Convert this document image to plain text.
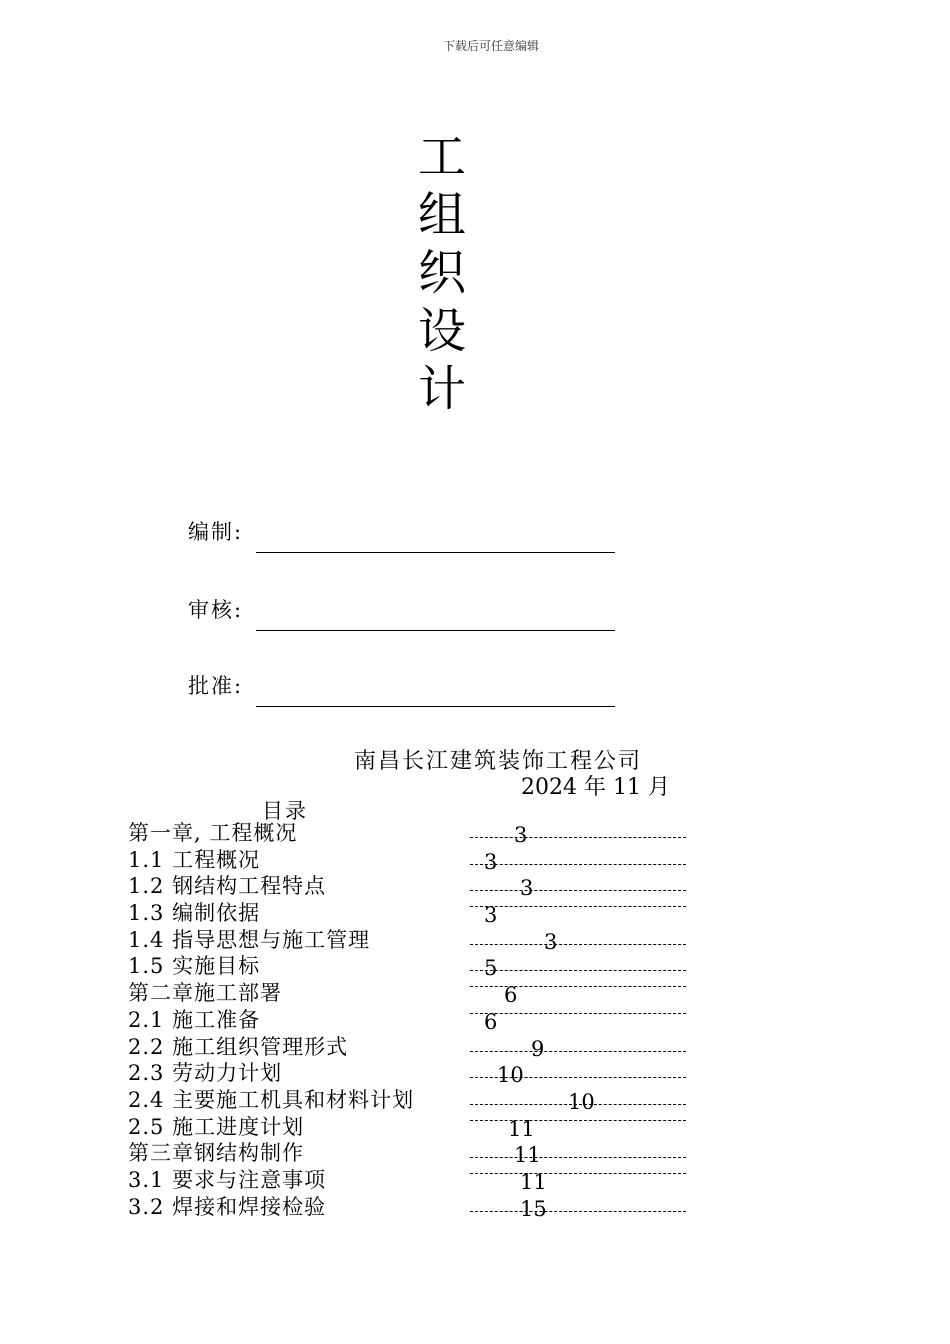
下载后可任意编辑
工
组
织
设
计
编制:
审核:
批准:
南昌长江建筑装饰工程公司
2024 年 11 月
目录
第一章, 工程概况	3
1.1 工程概况	3
1.2 钢结构工程特点	3
1.3 编制依据	3
1.4 指导思想与施工管理	3
1.5 实施目标	5
第二章施工部署	6
2.1 施工准备	6
2.2 施工组织管理形式	9
2.3 劳动力计划	10
2.4 主要施工机具和材料计划	10
2.5 施工进度计划	11
第三章钢结构制作	11
3.1 要求与注意事项	11
3.2 焊接和焊接检验	15
